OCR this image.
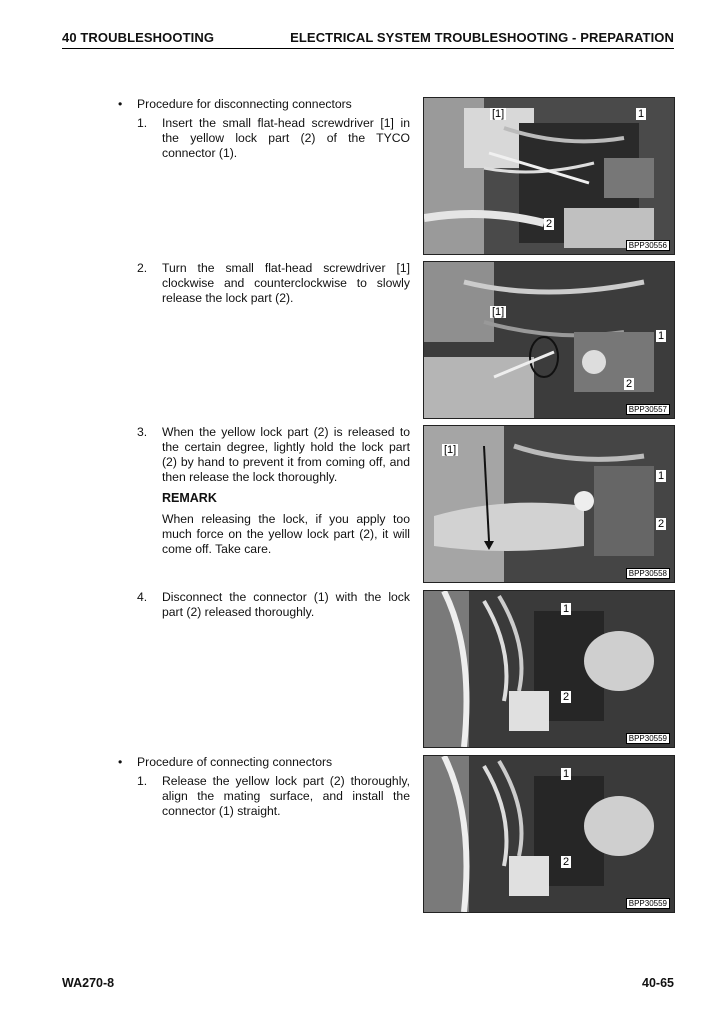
40 TROUBLESHOOTING	ELECTRICAL SYSTEM TROUBLESHOOTING - PREPARATION
• Procedure for disconnecting connectors
1. Insert the small flat-head screwdriver [1] in the yellow lock part (2) of the TYCO connector (1).
2. Turn the small flat-head screwdriver [1] clockwise and counterclockwise to slowly release the lock part (2).
3. When the yellow lock part (2) is released to the certain degree, lightly hold the lock part (2) by hand to prevent it from coming off, and then release the lock thoroughly.
REMARK
When releasing the lock, if you apply too much force on the yellow lock part (2), it will come off. Take care.
4. Disconnect the connector (1) with the lock part (2) released thoroughly.
• Procedure of connecting connectors
1. Release the yellow lock part (2) thoroughly, align the mating surface, and install the connector (1) straight.
[1]	1
2
BPP30556
[1]
1
2
BPP30557
[1]
1
2
BPP30558
1
2
BPP30559
1
2
BPP30559
WA270-8	40-65
